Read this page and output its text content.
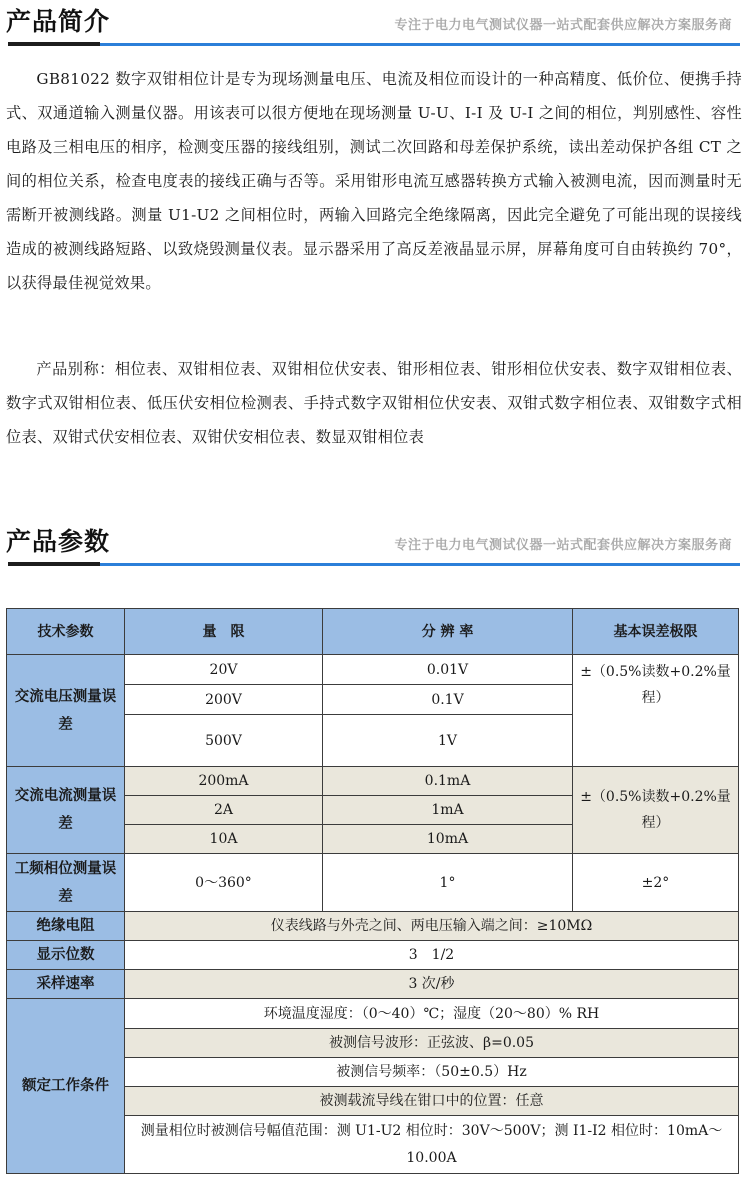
产品简介	专注于电力电气测试仪器一站式配套供应解决方案服务商

GB81022 数字双钳相位计是专为现场测量电压、电流及相位而设计的一种高精度、低价位、便携手持式、双通道输入测量仪器。用该表可以很方便地在现场测量 U-U、I-I 及 U-I 之间的相位，判别感性、容性电路及三相电压的相序，检测变压器的接线组别，测试二次回路和母差保护系统，读出差动保护各组 CT 之间的相位关系，检查电度表的接线正确与否等。采用钳形电流互感器转换方式输入被测电流，因而测量时无需断开被测线路。测量 U1-U2 之间相位时，两输入回路完全绝缘隔离，因此完全避免了可能出现的误接线造成的被测线路短路、以致烧毁测量仪表。显示器采用了高反差液晶显示屏，屏幕角度可自由转换约 70°，以获得最佳视觉效果。

产品别称：相位表、双钳相位表、双钳相位伏安表、钳形相位表、钳形相位伏安表、数字双钳相位表、数字式双钳相位表、低压伏安相位检测表、手持式数字双钳相位伏安表、双钳式数字相位表、双钳数字式相位表、双钳式伏安相位表、双钳伏安相位表、数显双钳相位表

产品参数	专注于电力电气测试仪器一站式配套供应解决方案服务商
技术参数	量　限	分 辨 率	基本误差极限
交流电压测量误差	20V	0.01V	±（0.5%读数+0.2%量程）
	200V	0.1V	
	500V	1V	
交流电流测量误差	200mA	0.1mA	±（0.5%读数+0.2%量程）
	2A	1mA	
	10A	10mA	
工频相位测量误差	0～360°	1°	±2°
绝缘电阻	仪表线路与外壳之间、两电压输入端之间：≥10MΩ		
显示位数	3　1/2		
采样速率	3 次/秒		
额定工作条件	环境温度湿度：（0～40）℃；湿度（20～80）% RH		
	被测信号波形：正弦波、β=0.05		
	被测信号频率：（50±0.5）Hz		
	被测载流导线在钳口中的位置：任意		
	测量相位时被测信号幅值范围：测 U1-U2 相位时：30V～500V；测 I1-I2 相位时：10mA～10.00A		
